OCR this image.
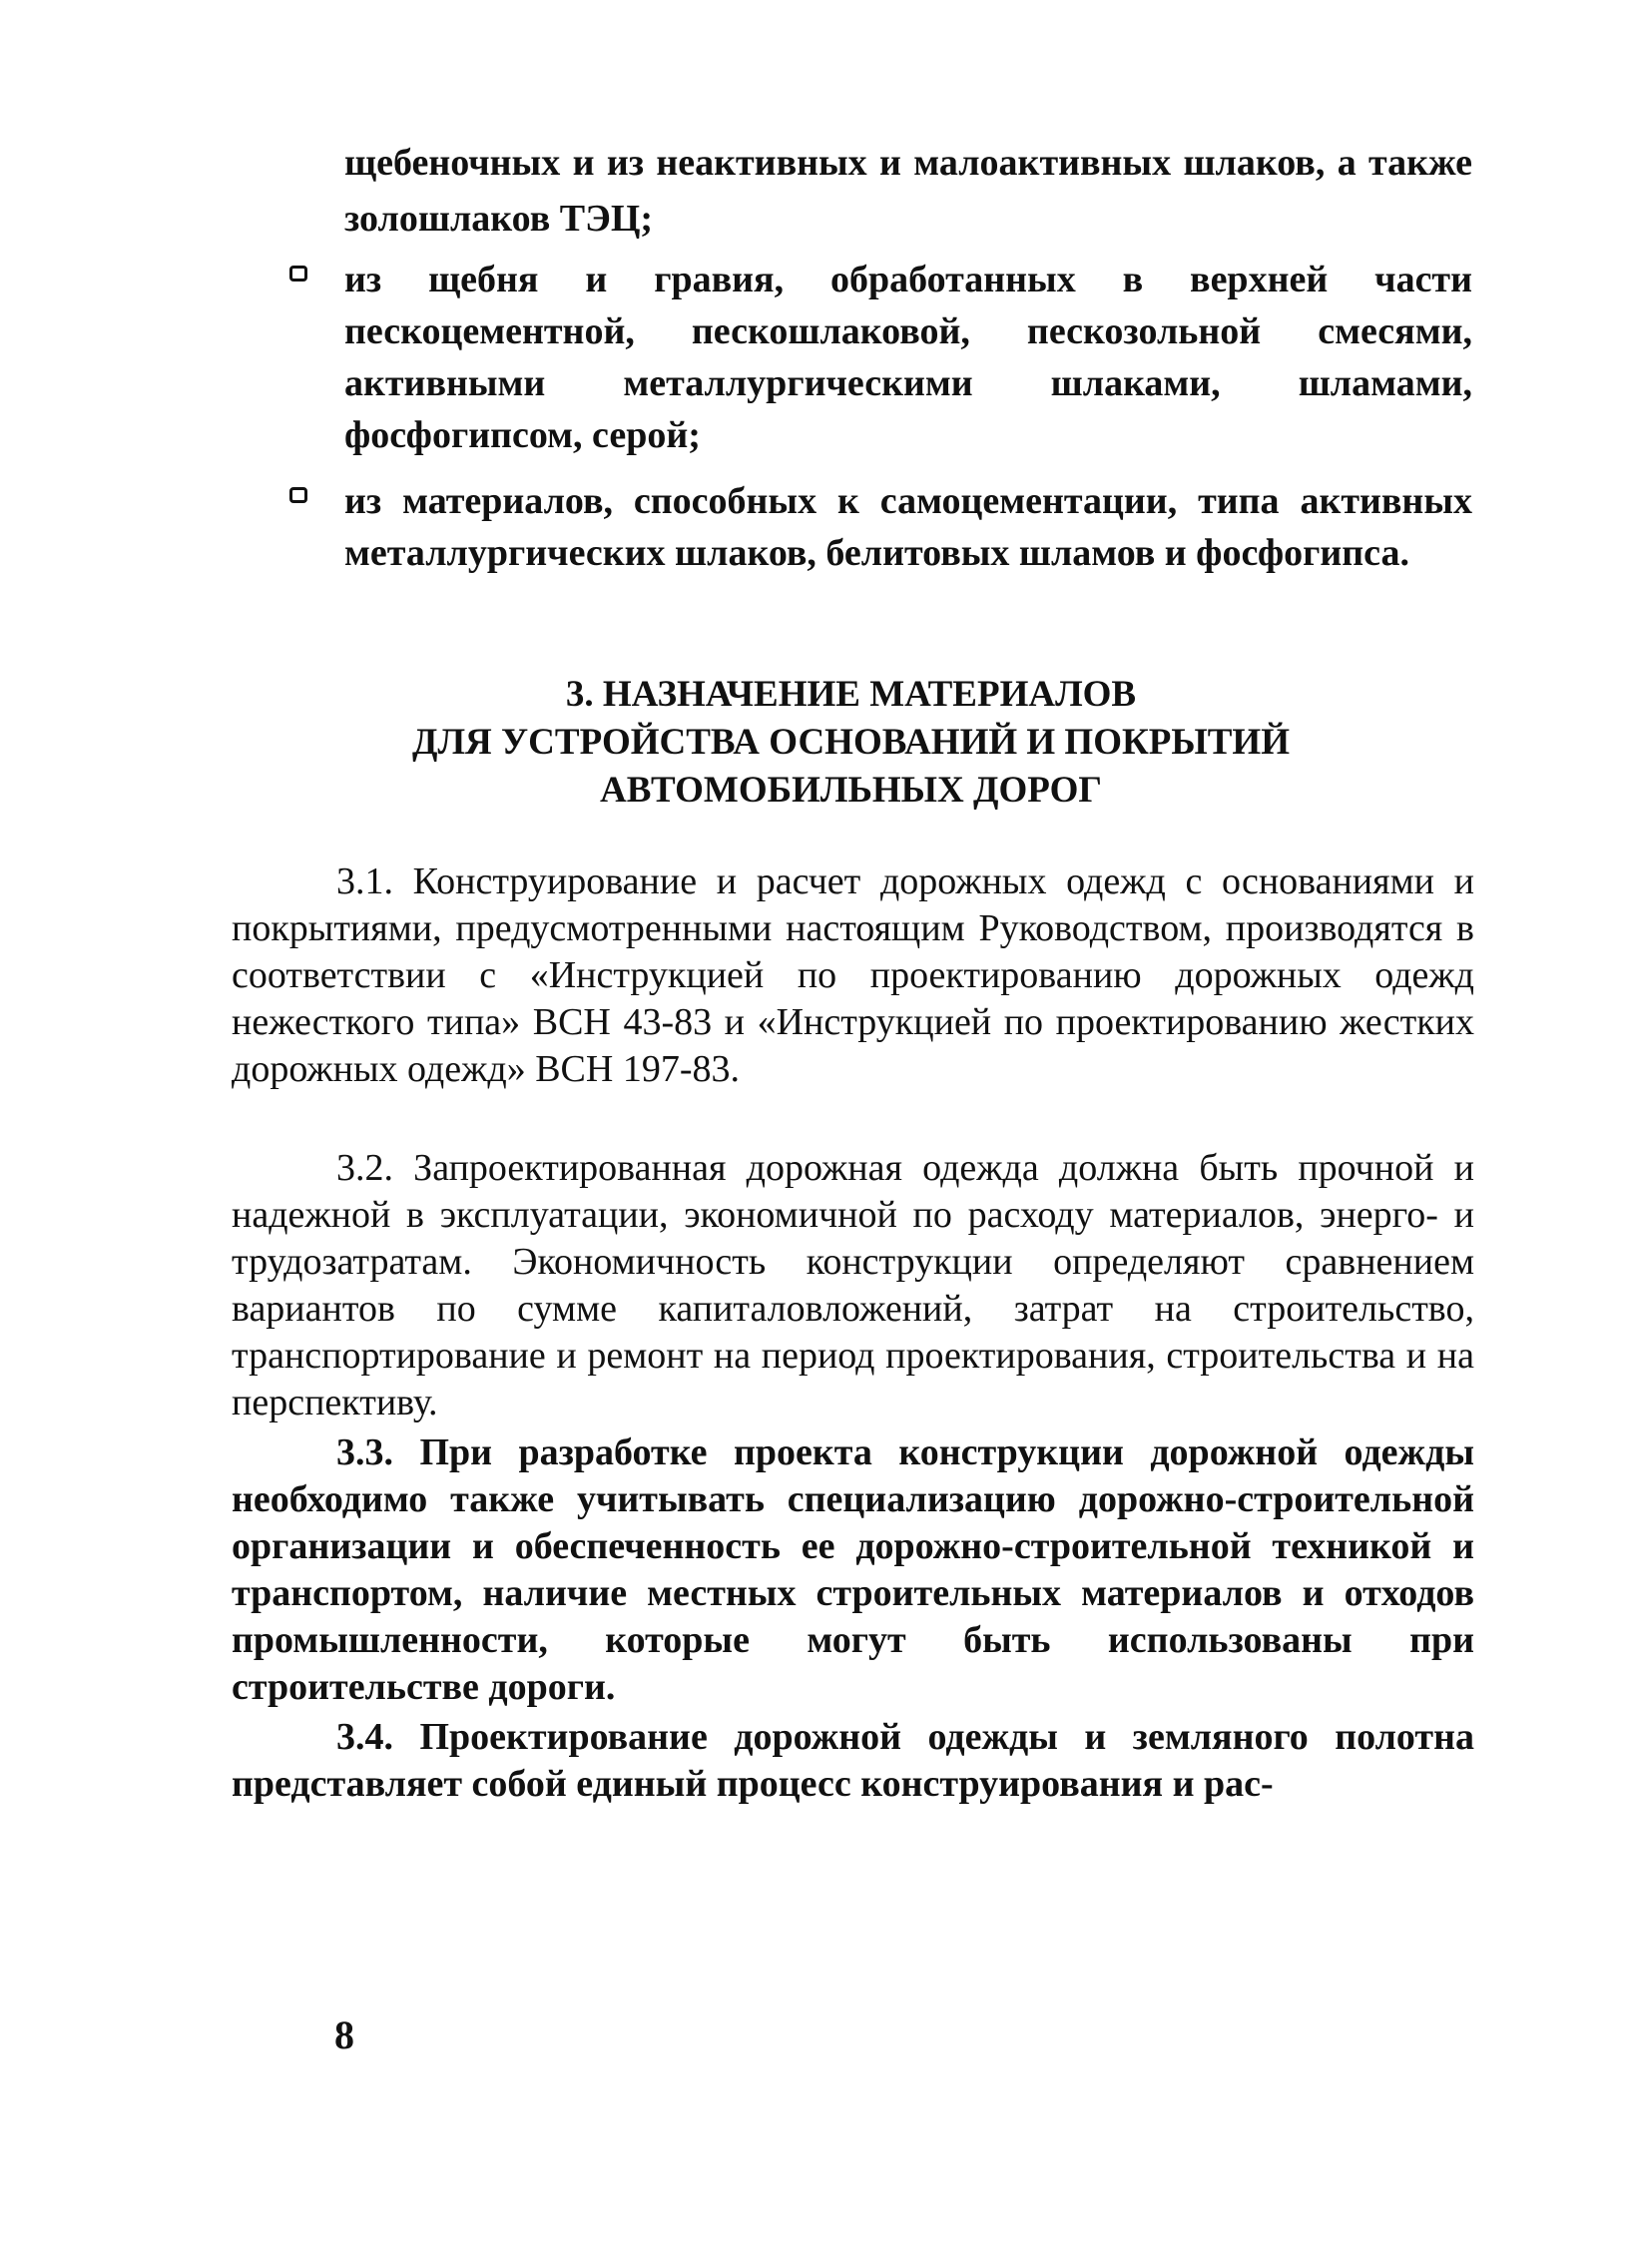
щебеночных и из неактивных и малоактивных шлаков, а также золошлаков ТЭЦ;

из щебня и гравия, обработанных в верхней части пескоцементной, пескошлаковой, пескозольной смесями, активными металлургическими шлаками, шламами, фосфогипсом, серой;
из материалов, способных к самоцементации, типа активных металлургических шлаков, белитовых шламов и фосфогипса.
3. НАЗНАЧЕНИЕ МАТЕРИАЛОВ
ДЛЯ УСТРОЙСТВА ОСНОВАНИЙ И ПОКРЫТИЙ
АВТОМОБИЛЬНЫХ ДОРОГ

3.1. Конструирование и расчет дорожных одежд с основаниями и покрытиями, предусмотренными настоящим Руководством, производятся в соответствии с «Инструкцией по проектированию дорожных одежд нежесткого типа» ВСН 43-83 и «Инструкцией по проектированию жестких дорожных одежд» ВСН 197-83.

3.2. Запроектированная дорожная одежда должна быть прочной и надежной в эксплуатации, экономичной по расходу материалов, энерго- и трудозатратам. Экономичность конструкции определяют сравнением вариантов по сумме капиталовложений, затрат на строительство, транспортирование и ремонт на период проектирования, строительства и на перспективу.

3.3. При разработке проекта конструкции дорожной одежды необходимо также учитывать специализацию дорожно-строительной организации и обеспеченность ее дорожно-строительной техникой и транспортом, наличие местных строительных материалов и отходов промышленности, которые могут быть использованы при строительстве дороги.

3.4. Проектирование дорожной одежды и земляного полотна представляет собой единый процесс конструирования и рас-

8
